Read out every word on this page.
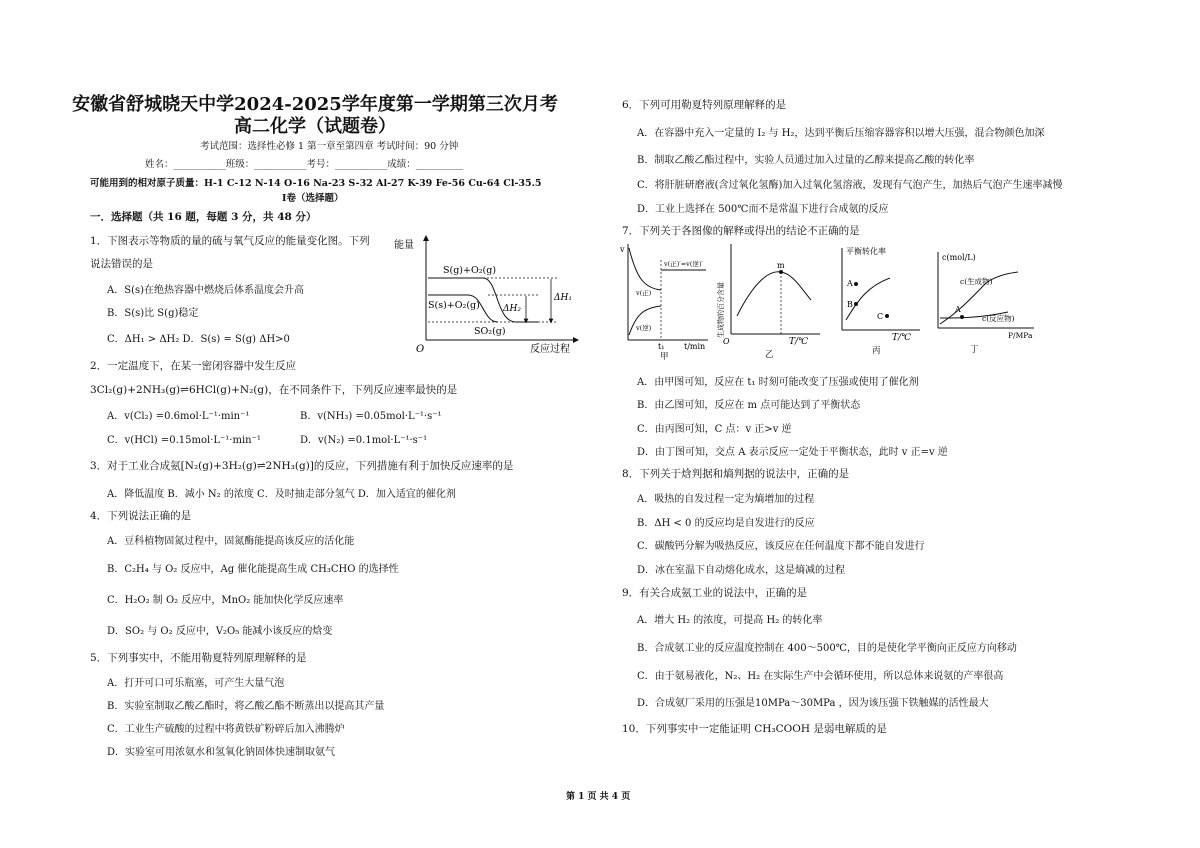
安徽省舒城晓天中学2024-2025学年度第一学期第三次月考
高二化学（试题卷）
考试范围：选择性必修 1 第一章至第四章 考试时间：90 分钟
姓名：___________班级：___________考号：___________成绩：__________
可能用到的相对原子质量：H-1 C-12 N-14 O-16 Na-23 S-32 Al-27 K-39 Fe-56 Cu-64 Cl-35.5
Ⅰ卷（选择题）
一．选择题（共 16 题，每题 3 分，共 48 分）
1．下图表示等物质的量的硫与氧气反应的能量变化图。下列
说法错误的是
A．S(s)在绝热容器中燃烧后体系温度会升高
B．S(s)比 S(g)稳定
C．ΔH₁ > ΔH₂ D．S(s) = S(g) ΔH>0
能量
O	反应过程
S(g)+O₂(g)
S(s)+O₂(g)
SO₂(g)
ΔH₂
ΔH₁
2．一定温度下，在某一密闭容器中发生反应
3Cl₂(g)+2NH₃(g)⇌6HCl(g)+N₂(g)，在不同条件下，下列反应速率最快的是
A．v(Cl₂) =0.6mol·L⁻¹·min⁻¹	B．v(NH₃) =0.05mol·L⁻¹·s⁻¹
C．v(HCl) =0.15mol·L⁻¹·min⁻¹	D．v(N₂) =0.1mol·L⁻¹·s⁻¹
3．对于工业合成氨[N₂(g)+3H₂(g)⇌2NH₃(g)]的反应，下列措施有利于加快反应速率的是
A．降低温度 B．减小 N₂ 的浓度 C．及时抽走部分氢气 D．加入适宜的催化剂
4．下列说法正确的是
A．豆科植物固氮过程中，固氮酶能提高该反应的活化能
B．C₂H₄ 与 O₂ 反应中，Ag 催化能提高生成 CH₃CHO 的选择性
C．H₂O₂ 制 O₂ 反应中，MnO₂ 能加快化学反应速率
D．SO₂ 与 O₂ 反应中，V₂O₅ 能减小该反应的焓变
5．下列事实中，不能用勒夏特列原理解释的是
A．打开可口可乐瓶塞，可产生大量气泡
B．实验室制取乙酸乙酯时，将乙酸乙酯不断蒸出以提高其产量
C．工业生产硫酸的过程中将黄铁矿粉碎后加入沸腾炉
D．实验室可用浓氨水和氢氧化钠固体快速制取氨气
6．下列可用勒夏特列原理解释的是
A．在容器中充入一定量的 I₂ 与 H₂，达到平衡后压缩容器容积以增大压强，混合物颜色加深
B．制取乙酸乙酯过程中，实验人员通过加入过量的乙醇来提高乙酸的转化率
C．将肝脏研磨液(含过氧化氢酶)加入过氧化氢溶液，发现有气泡产生，加热后气泡产生速率减慢
D．工业上选择在 500℃而不是常温下进行合成氨的反应
7．下列关于各图像的解释或得出的结论不正确的是
v
v(正)
v(逆)
v(正)′=v(逆)′
t₁ t/min
甲
生成物的百分含量
m
O	T/℃
乙
平衡转化率
A
B
C
T/℃
丙
c(mol/L)
c(生成物)
c(反应物)
A
P/MPa
丁
A．由甲图可知，反应在 t₁ 时刻可能改变了压强或使用了催化剂
B．由乙图可知，反应在 m 点可能达到了平衡状态
C．由丙图可知，C 点：v 正>v 逆
D．由丁图可知，交点 A 表示反应一定处于平衡状态，此时 v 正=v 逆
8．下列关于焓判据和熵判据的说法中，正确的是
A．吸热的自发过程一定为熵增加的过程
B．ΔH < 0 的反应均是自发进行的反应
C．碳酸钙分解为吸热反应，该反应在任何温度下都不能自发进行
D．冰在室温下自动熔化成水，这是熵减的过程
9．有关合成氨工业的说法中，正确的是
A．增大 H₂ 的浓度，可提高 H₂ 的转化率
B．合成氨工业的反应温度控制在 400～500℃，目的是使化学平衡向正反应方向移动
C．由于氨易液化，N₂、H₂ 在实际生产中会循环使用，所以总体来说氨的产率很高
D．合成氨厂采用的压强是10MPa～30MPa ，因为该压强下铁触媒的活性最大
10．下列事实中一定能证明 CH₃COOH 是弱电解质的是
第 1 页 共 4 页
